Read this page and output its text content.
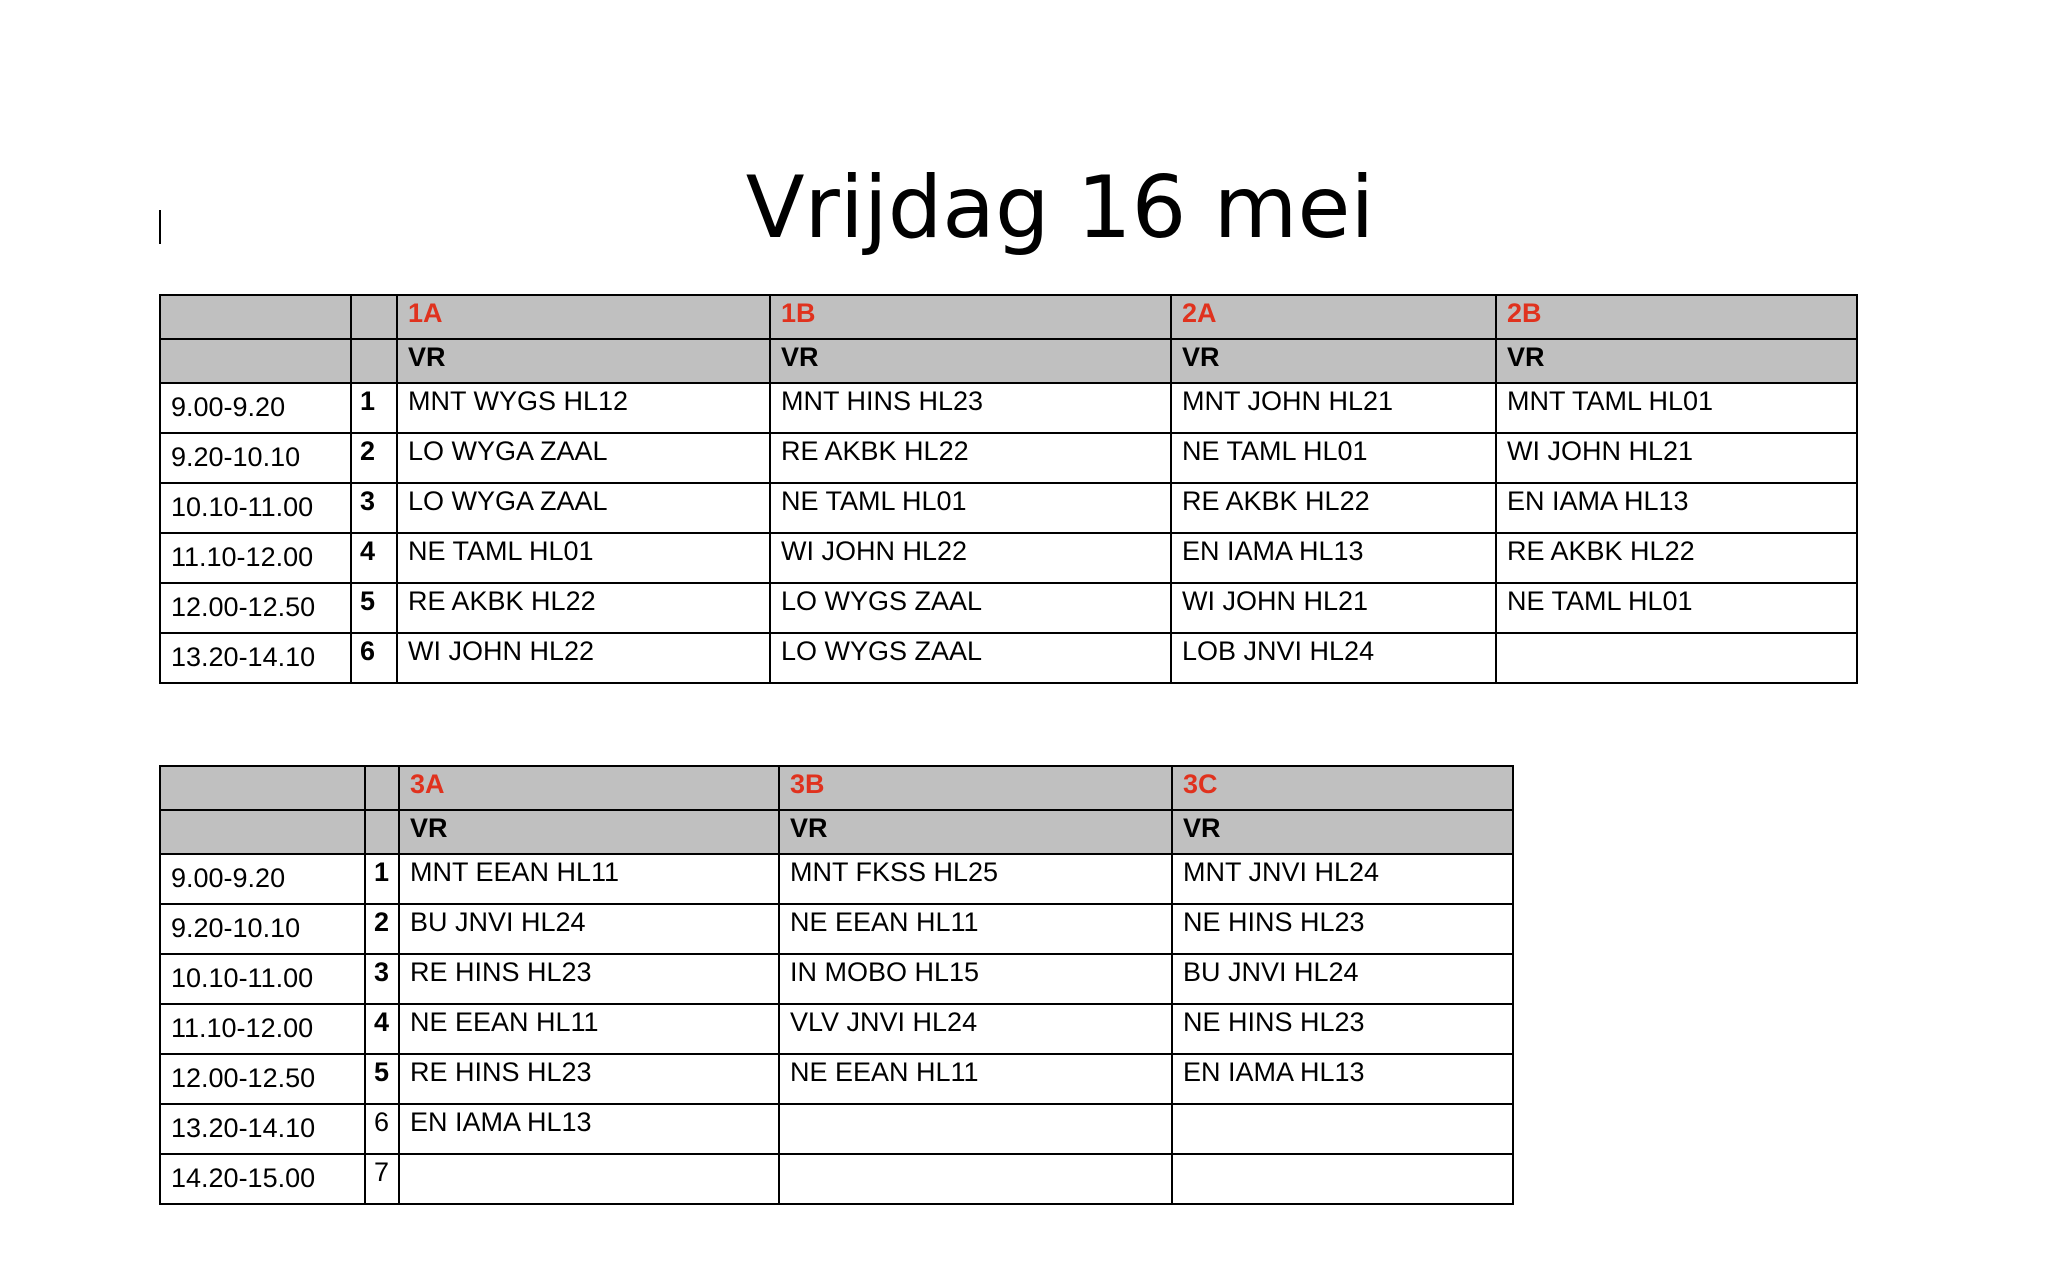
Vrijdag 16 mei
		1A	1B	2A	2B
		VR	VR	VR	VR
9.00-9.20	1	MNT WYGS HL12	MNT HINS HL23	MNT JOHN HL21	MNT TAML HL01
9.20-10.10	2	LO WYGA ZAAL	RE AKBK HL22	NE TAML HL01	WI JOHN HL21
10.10-11.00	3	LO WYGA ZAAL	NE TAML HL01	RE AKBK HL22	EN IAMA HL13
11.10-12.00	4	NE TAML HL01	WI JOHN HL22	EN IAMA HL13	RE AKBK HL22
12.00-12.50	5	RE AKBK HL22	LO WYGS ZAAL	WI JOHN HL21	NE TAML HL01
13.20-14.10	6	WI JOHN HL22	LO WYGS ZAAL	LOB JNVI HL24	
		3A	3B	3C
		VR	VR	VR
9.00-9.20	1	MNT EEAN HL11	MNT FKSS HL25	MNT JNVI HL24
9.20-10.10	2	BU JNVI HL24	NE EEAN HL11	NE HINS HL23
10.10-11.00	3	RE HINS HL23	IN MOBO HL15	BU JNVI HL24
11.10-12.00	4	NE EEAN HL11	VLV JNVI HL24	NE HINS HL23
12.00-12.50	5	RE HINS HL23	NE EEAN HL11	EN IAMA HL13
13.20-14.10	6	EN IAMA HL13		
14.20-15.00	7			
